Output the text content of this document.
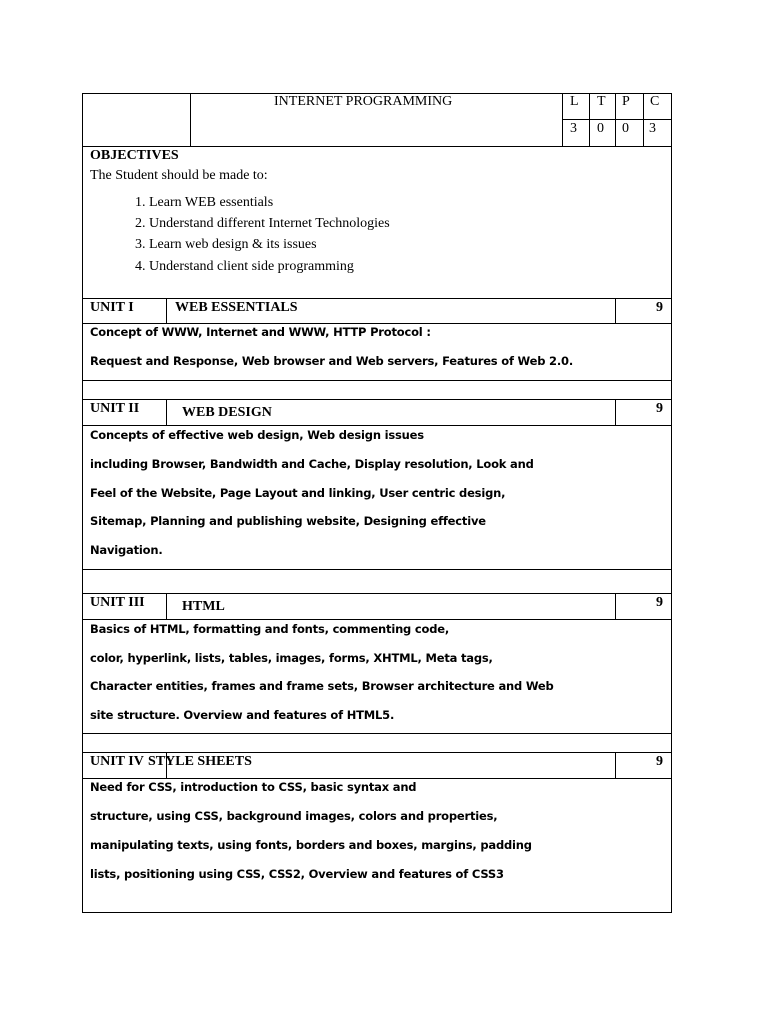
INTERNET PROGRAMMING	L T P C
3 0 0 3
OBJECTIVES
The Student should be made to:
1. Learn WEB essentials
2. Understand different Internet Technologies
3. Learn web design & its issues
4. Understand client side programming
UNIT I	WEB ESSENTIALS	9
Concept of WWW, Internet and WWW, HTTP Protocol :
Request and Response, Web browser and Web servers, Features of Web 2.0.
UNIT II	WEB DESIGN	9
Concepts of effective web design, Web design issues
including Browser, Bandwidth and Cache, Display resolution, Look and
Feel of the Website, Page Layout and linking, User centric design,
Sitemap, Planning and publishing website, Designing effective
Navigation.
UNIT III	HTML	9
Basics of HTML, formatting and fonts, commenting code,
color, hyperlink, lists, tables, images, forms, XHTML, Meta tags,
Character entities, frames and frame sets, Browser architecture and Web
site structure. Overview and features of HTML5.
UNIT IV STYLE SHEETS	9
Need for CSS, introduction to CSS, basic syntax and
structure, using CSS, background images, colors and properties,
manipulating texts, using fonts, borders and boxes, margins, padding
lists, positioning using CSS, CSS2, Overview and features of CSS3
